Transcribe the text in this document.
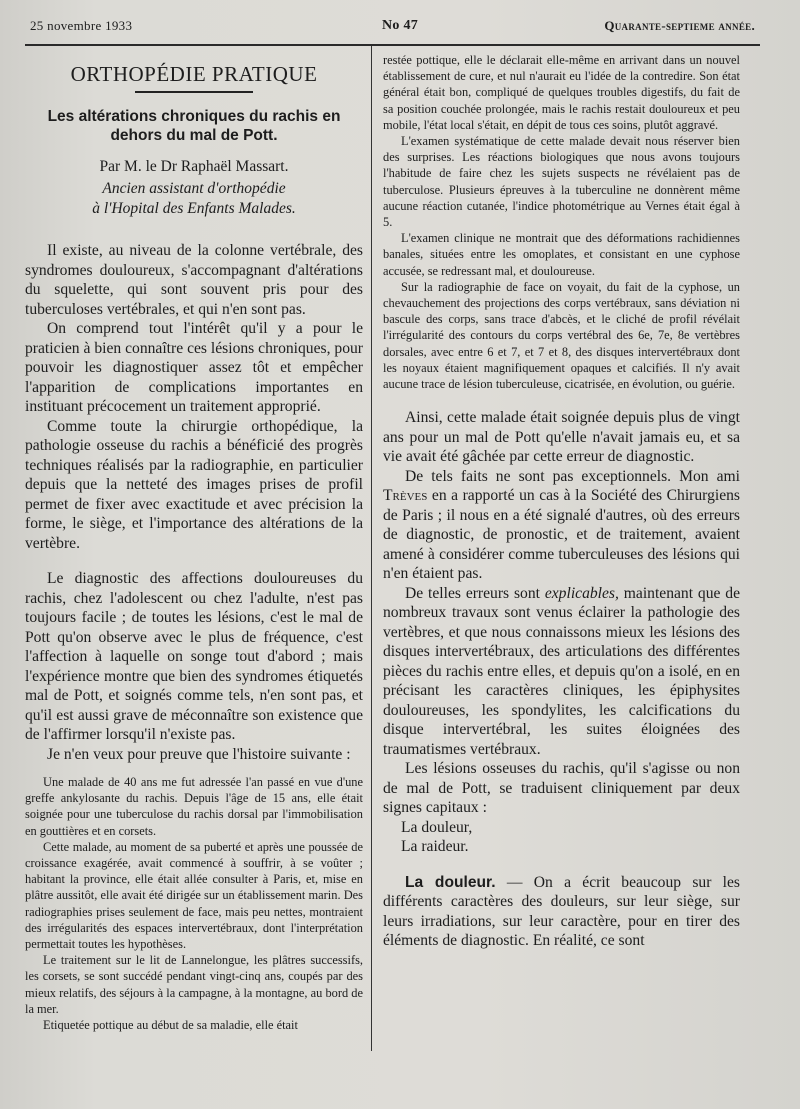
25 novembre 1933	No 47	Quarante-septieme année.
ORTHOPÉDIE PRATIQUE
Les altérations chroniques du rachis en dehors du mal de Pott.
Par M. le Dr Raphaël Massart.
Ancien assistant d'orthopédie
à l'Hopital des Enfants Malades.

Il existe, au niveau de la colonne vertébrale, des syndromes douloureux, s'accompagnant d'altérations du squelette, qui sont souvent pris pour des tuberculoses vertébrales, et qui n'en sont pas.

On comprend tout l'intérêt qu'il y a pour le praticien à bien connaître ces lésions chroniques, pour pouvoir les diagnostiquer assez tôt et empêcher l'apparition de complications importantes en instituant précocement un traitement approprié.

Comme toute la chirurgie orthopédique, la pathologie osseuse du rachis a bénéficié des progrès techniques réalisés par la radiographie, en particulier depuis que la netteté des images prises de profil permet de fixer avec exactitude et avec précision la forme, le siège, et l'importance des altérations de la vertèbre.

Le diagnostic des affections douloureuses du rachis, chez l'adolescent ou chez l'adulte, n'est pas toujours facile ; de toutes les lésions, c'est le mal de Pott qu'on observe avec le plus de fréquence, c'est l'affection à laquelle on songe tout d'abord ; mais l'expérience montre que bien des syndromes étiquetés mal de Pott, et soignés comme tels, n'en sont pas, et qu'il est aussi grave de méconnaître son existence que de l'affirmer lorsqu'il n'existe pas.

Je n'en veux pour preuve que l'histoire suivante :

Une malade de 40 ans me fut adressée l'an passé en vue d'une greffe ankylosante du rachis. Depuis l'âge de 15 ans, elle était soignée pour une tuberculose du rachis dorsal par l'immobilisation en gouttières et en corsets.

Cette malade, au moment de sa puberté et après une poussée de croissance exagérée, avait commencé à souffrir, à se voûter ; habitant la province, elle était allée consulter à Paris, et, mise en plâtre aussitôt, elle avait été dirigée sur un établissement marin. Des radiographies prises seulement de face, mais peu nettes, montraient des irrégularités des espaces intervertébraux, dont l'interprétation permettait toutes les hypothèses.

Le traitement sur le lit de Lannelongue, les plâtres successifs, les corsets, se sont succédé pendant vingt-cinq ans, coupés par des mieux relatifs, des séjours à la campagne, à la montagne, au bord de la mer.

Etiquetée pottique au début de sa maladie, elle était

restée pottique, elle le déclarait elle-même en arrivant dans un nouvel établissement de cure, et nul n'aurait eu l'idée de la contredire. Son état général était bon, compliqué de quelques troubles digestifs, du fait de sa position couchée prolongée, mais le rachis restait douloureux et peu mobile, l'état local s'était, en dépit de tous ces soins, plutôt aggravé.

L'examen systématique de cette malade devait nous réserver bien des surprises. Les réactions biologiques que nous avons toujours l'habitude de faire chez les sujets suspects ne révélaient pas de tuberculose. Plusieurs épreuves à la tuberculine ne donnèrent même aucune réaction cutanée, l'indice photométrique au Vernes était égal à 5.

L'examen clinique ne montrait que des déformations rachidiennes banales, situées entre les omoplates, et consistant en une cyphose accusée, se redressant mal, et douloureuse.

Sur la radiographie de face on voyait, du fait de la cyphose, un chevauchement des projections des corps vertébraux, sans déviation ni bascule des corps, sans trace d'abcès, et le cliché de profil révélait l'irrégularité des contours du corps vertébral des 6e, 7e, 8e vertèbres dorsales, avec entre 6 et 7, et 7 et 8, des disques intervertébraux dont les noyaux étaient magnifiquement opaques et calcifiés. Il n'y avait aucune trace de lésion tuberculeuse, cicatrisée, en évolution, ou guérie.

Ainsi, cette malade était soignée depuis plus de vingt ans pour un mal de Pott qu'elle n'avait jamais eu, et sa vie avait été gâchée par cette erreur de diagnostic.

De tels faits ne sont pas exceptionnels. Mon ami Trèves en a rapporté un cas à la Société des Chirurgiens de Paris ; il nous en a été signalé d'autres, où des erreurs de diagnostic, de pronostic, et de traitement, avaient amené à considérer comme tuberculeuses des lésions qui n'en étaient pas.

De telles erreurs sont explicables, maintenant que de nombreux travaux sont venus éclairer la pathologie des vertèbres, et que nous connaissons mieux les lésions des disques intervertébraux, des articulations des différentes pièces du rachis entre elles, et depuis qu'on a isolé, en en précisant les caractères cliniques, les épiphysites douloureuses, les spondylites, les calcifications du disque intervertébral, les suites éloignées des traumatismes vertébraux.

Les lésions osseuses du rachis, qu'il s'agisse ou non de mal de Pott, se traduisent cliniquement par deux signes capitaux :

La douleur,
La raideur.

La douleur. — On a écrit beaucoup sur les différents caractères des douleurs, sur leur siège, sur leurs irradiations, sur leur caractère, pour en tirer des éléments de diagnostic. En réalité, ce sont
